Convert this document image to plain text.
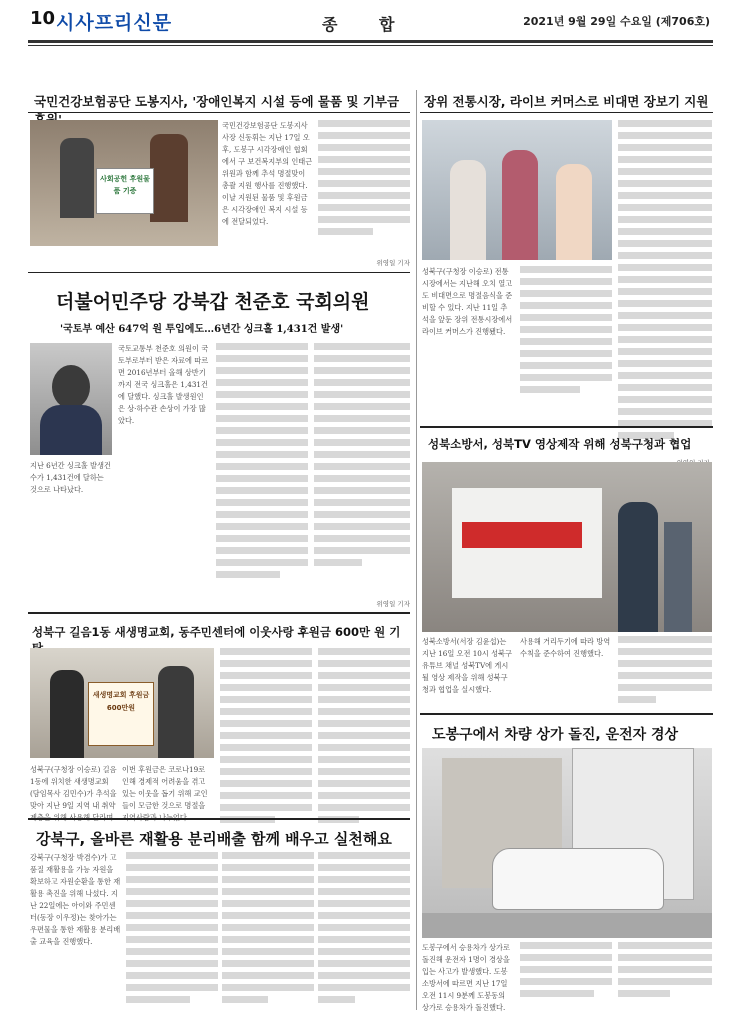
10 시사프리신문	종 합	2021년 9월 29일 수요일 (제706호)
국민건강보험공단 도봉지사, '장애인복지 시설 등에 물품 및 기부금
사회공헌 후원물품 기증
국민건강보험공단 도봉지사 사장 신동휘는 지난 17일 오후, 도봉구 시각장애인 협회에서 구 보건복지부의 인태근 위원과 함께 추석 명절맞이 총괄 지원 행사를 진행했다. 이날 지원된 물품 및 후원금은 시각장애인 복지 시설 등에 전달되었다.
위영일 기자
더불어민주당 강북갑 천준호 국회의원
'국토부 예산 647억 원 투입에도…6년간 싱크홀 1,431건 발생'
지난 6년간 싱크홀 발생건수가 1,431건에 달하는 것으로 나타났다.
국토교통부 천준호 의원이 국토부로부터 받은 자료에 따르면 2016년부터 올해 상반기까지 전국 싱크홀은 1,431건에 달했다. 싱크홀 발생원인은 상·하수관 손상이 가장 많았다.
위영일 기자
장위 전통시장, 라이브 커머스로 비대면 장보기 지원
성북구(구청장 이승로) 전통시장에서는 지난해 오치 열고도 비대면으로 명절음식을 준비할 수 있다. 지난 11일 추석을 앞둔 장위 전통시장에서 라이브 커머스가 진행됐다.
성북소방서, 성북TV 영상제작 위해 성북구청과 협업
성북소방서(서장 김윤섭)는 지난 16일 오전 10시 성북구 유튜브 채널 성북TV에 게시될 영상 제작을 위해 성북구청과 협업을 실시했다.
사용해 거리두기에 따라 방역수칙을 준수하여 진행했다.
도봉구에서 차량 상가 돌진, 운전자 경상
도봉구에서 승용차가 상가로 돌진해 운전자 1명이 경상을 입는 사고가 발생했다. 도봉소방서에 따르면 지난 17일 오전 11시 9분께 도봉동의 상가로 승용차가 돌진했다.
성북구 길음1동 새생명교회, 동주민센터에 이웃사랑 후원금 600만 원 기
새생명교회 후원금 600만원
성북구(구청장 이승로) 길음1동에 위치한 새생명교회(담임목사 김민수)가 추석을 맞아 지난 9일 지역 내 취약
이번 후원금은 코로나19로 인해 경제적 어려움을 겪고 있는 이웃을 돕기 위해 교인들이 모금한 것으로 명절을
강북구, 올바른 재활용 분리배출 함께 배우고 실천해요
강북구(구청장 박겸수)가 고품질 재활용을 가능 자원을 확보하고 자원순환을 통한 재활용 촉진을 위해 나섰다. 지난 22일에는 아이와 주민센터(동장 이우정)는 찾아가는 우편물을 통한 재활용 분리배출 교육을 진행했다.
